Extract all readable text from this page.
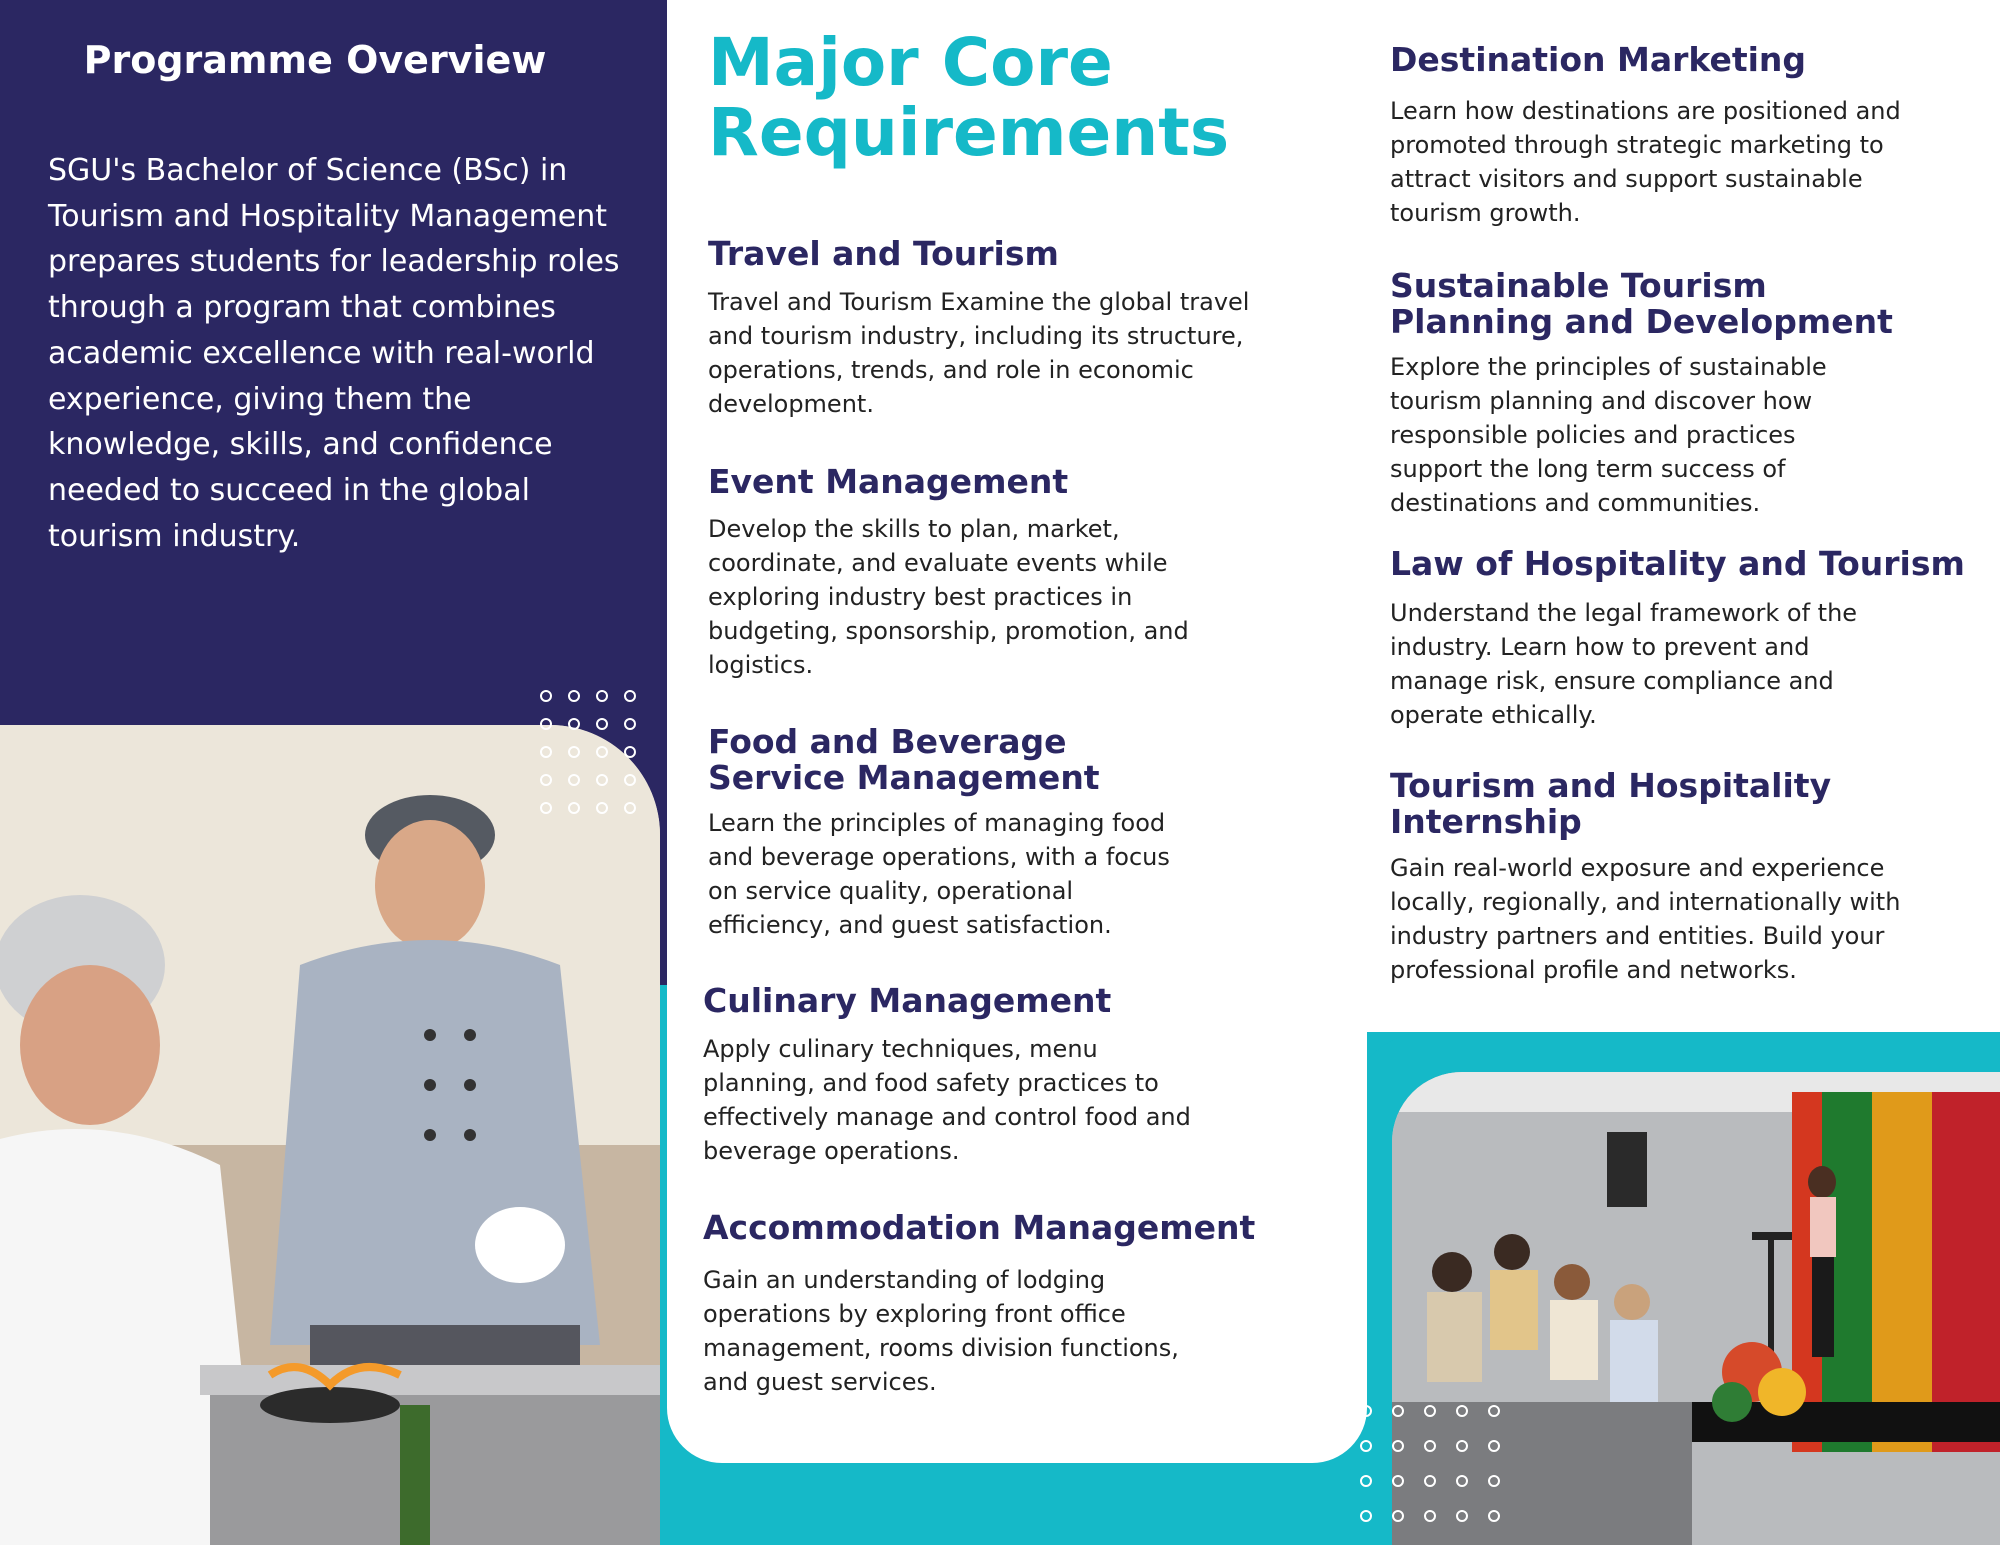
Programme Overview
SGU's Bachelor of Science (BSc) in Tourism and Hospitality Management prepares students for leadership roles through a program that combines academic excellence with real-world experience, giving them the knowledge, skills, and confidence needed to succeed in the global tourism industry.
Major Core
Requirements
Travel and Tourism
Travel and Tourism Examine the global travel and tourism industry, including its structure, operations, trends, and role in economic development.
Event Management
Develop the skills to plan, market, coordinate, and evaluate events while exploring industry best practices in budgeting, sponsorship, promotion, and logistics.
Food and Beverage
Service Management
Learn the principles of managing food and beverage operations, with a focus on service quality, operational efficiency, and guest satisfaction.
Culinary Management
Apply culinary techniques, menu planning, and food safety practices to effectively manage and control food and beverage operations.
Accommodation Management
Gain an understanding of lodging operations by exploring front office management, rooms division functions, and guest services.
Destination Marketing
Learn how destinations are positioned and promoted through strategic marketing to attract visitors and support sustainable tourism growth.
Sustainable Tourism
Planning and Development
Explore the principles of sustainable tourism planning and discover how responsible policies and practices support the long term success of destinations and communities.
Law of Hospitality and Tourism
Understand the legal framework of the industry. Learn how to prevent and manage risk, ensure compliance and operate ethically.
Tourism and Hospitality
Internship
Gain real-world exposure and experience locally, regionally, and internationally with industry partners and entities. Build your professional profile and networks.
